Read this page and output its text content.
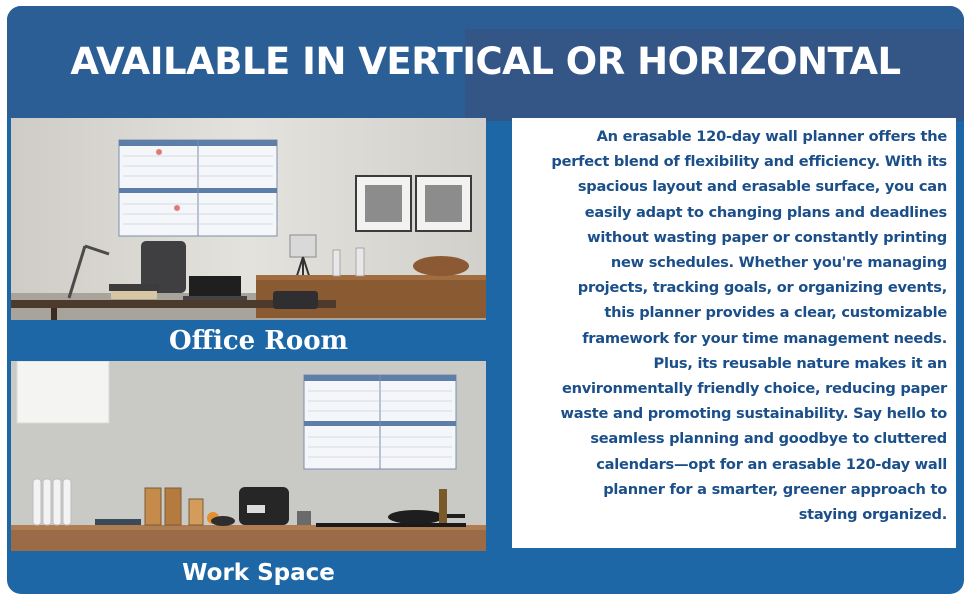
AVAILABLE IN VERTICAL OR HORIZONTAL
Office Room
Work Space

An erasable 120-day wall planner offers the
perfect blend of flexibility and efficiency. With its
spacious layout and erasable surface, you can
easily adapt to changing plans and deadlines
without wasting paper or constantly printing
new schedules. Whether you're managing
projects, tracking goals, or organizing events,
this planner provides a clear, customizable
framework for your time management needs.
Plus, its reusable nature makes it an
environmentally friendly choice, reducing paper
waste and promoting sustainability. Say hello to
seamless planning and goodbye to cluttered
calendars—opt for an erasable 120-day wall
planner for a smarter, greener approach to
staying organized.
